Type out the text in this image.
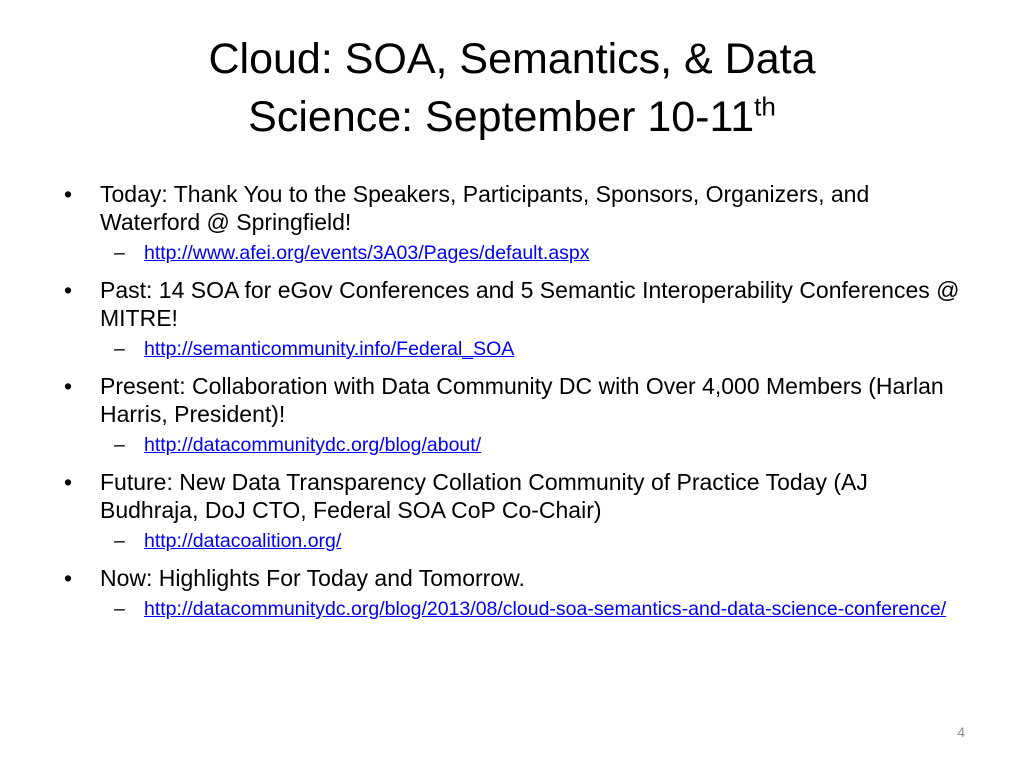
Cloud: SOA, Semantics, & Data
Science: September 10-11th
•	Today: Thank You to the Speakers, Participants, Sponsors, Organizers, and Waterford @ Springfield!
– http://www.afei.org/events/3A03/Pages/default.aspx
•	Past: 14 SOA for eGov Conferences and 5 Semantic Interoperability Conferences @ MITRE!
– http://semanticommunity.info/Federal_SOA
•	Present: Collaboration with Data Community DC with Over 4,000 Members (Harlan Harris, President)!
– http://datacommunitydc.org/blog/about/
•	Future: New Data Transparency Collation Community of Practice Today (AJ Budhraja, DoJ CTO, Federal SOA CoP Co-Chair)
– http://datacoalition.org/
•	Now: Highlights For Today and Tomorrow.
– http://datacommunitydc.org/blog/2013/08/cloud-soa-semantics-and-data-science-conference/
4
